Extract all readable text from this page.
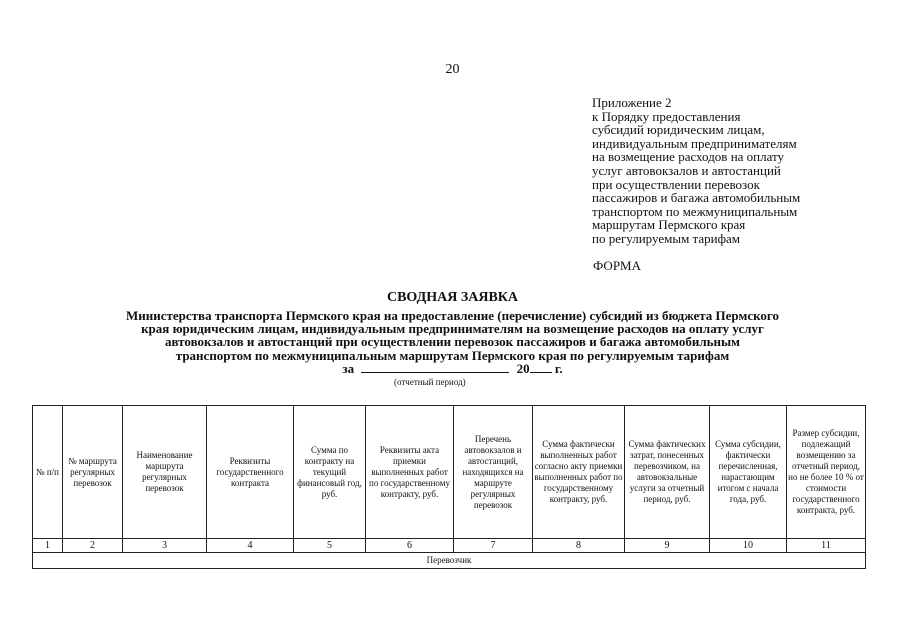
20
Приложение 2
к Порядку предоставления
субсидий юридическим лицам,
индивидуальным предпринимателям
на возмещение расходов на оплату
услуг автовокзалов и автостанций
при осуществлении перевозок
пассажиров и багажа автомобильным
транспортом по межмуниципальным
маршрутам Пермского края
по регулируемым тарифам
ФОРМА
СВОДНАЯ ЗАЯВКА
Министерства транспорта Пермского края на предоставление (перечисление) субсидий из бюджета Пермского
края юридическим лицам, индивидуальным предпринимателям на возмещение расходов на оплату услуг
автовокзалов и автостанций при осуществлении перевозок пассажиров и багажа автомобильным
транспортом по межмуниципальным маршрутам Пермского края по регулируемым тарифам
за	20 г.
(отчетный период)
№ п/п	№ маршрута регулярных перевозок	Наименование маршрута регулярных перевозок	Реквизиты государственного контракта	Сумма по контракту на текущий финансовый год, руб.	Реквизиты акта приемки выполненных работ по государственному контракту, руб.	Перечень автовокзалов и автостанций, находящихся на маршруте регулярных перевозок	Сумма фактически выполненных работ согласно акту приемки выполненных работ по государственному контракту, руб.	Сумма фактических затрат, понесенных перевозчиком, на автовокзальные услуги за отчетный период, руб.	Сумма субсидии, фактически перечисленная, нарастающим итогом с начала года, руб.	Размер субсидии, подлежащий возмещению за отчетный период, но не более 10 % от стоимости государственного контракта, руб.
1	2	3	4	5	6	7	8	9	10	11
Перевозчик										
